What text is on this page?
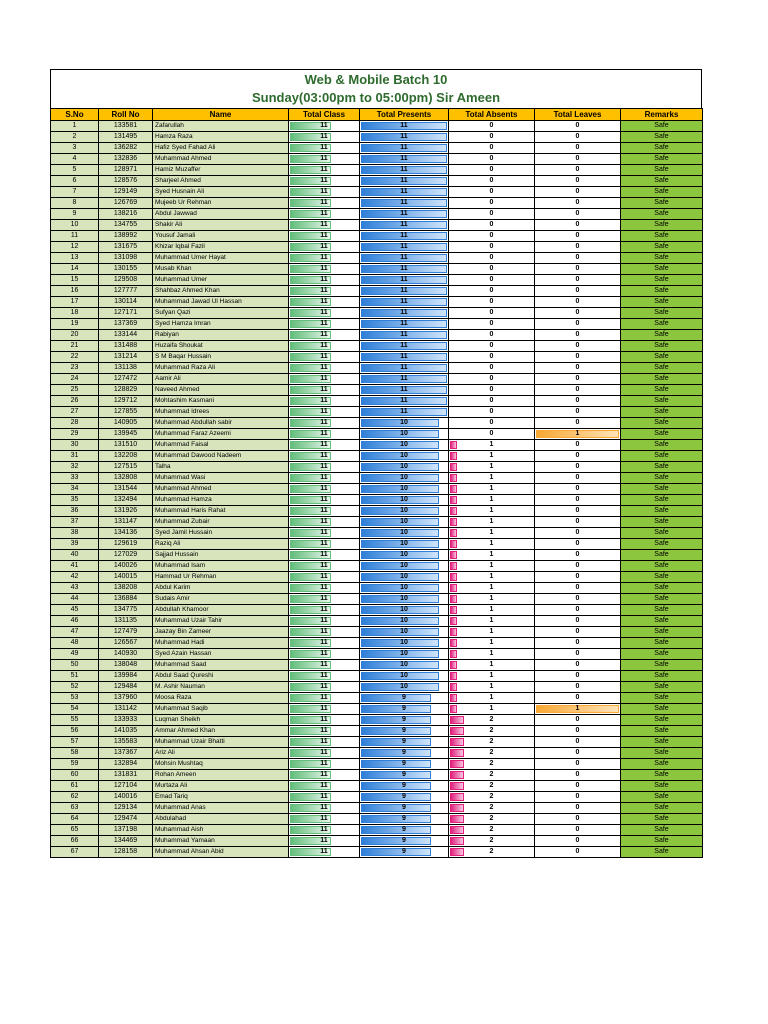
Web & Mobile Batch 10
Sunday(03:00pm to 05:00pm) Sir Ameen
S.No	Roll No	Name	Total Class	Total Presents	Total Absents	Total Leaves	Remarks
1	133581	Zafarullah	11	11	0	0	Safe
2	131495	Hamza Raza	11	11	0	0	Safe
3	136282	Hafiz Syed Fahad Ali	11	11	0	0	Safe
4	132836	Muhammad Ahmed	11	11	0	0	Safe
5	128971	Hamiz Muzaffer	11	11	0	0	Safe
6	128576	Sharjeel Ahmed	11	11	0	0	Safe
7	129149	Syed Husnain Ali	11	11	0	0	Safe
8	126769	Mujeeb Ur Rehman	11	11	0	0	Safe
9	138216	Abdul Jawwad	11	11	0	0	Safe
10	134755	Shakir Ali	11	11	0	0	Safe
11	138992	Yousuf Jamali	11	11	0	0	Safe
12	131675	Khizar Iqbal Fazil	11	11	0	0	Safe
13	131098	Muhammad Umer Hayat	11	11	0	0	Safe
14	130155	Musab Khan	11	11	0	0	Safe
15	129508	Muhammad Umer	11	11	0	0	Safe
16	127777	Shahbaz Ahmed Khan	11	11	0	0	Safe
17	130114	Muhammad Jawad Ul Hassan	11	11	0	0	Safe
18	127171	Sufyan Qazi	11	11	0	0	Safe
19	137369	Syed Hamza Imran	11	11	0	0	Safe
20	133144	Rabiyan	11	11	0	0	Safe
21	131488	Huzaifa Shoukat	11	11	0	0	Safe
22	131214	S M Baqar Hussain	11	11	0	0	Safe
23	131138	Muhammad Raza Ali	11	11	0	0	Safe
24	127472	Aamir Ali	11	11	0	0	Safe
25	128829	Naveed Ahmed	11	11	0	0	Safe
26	129712	Mohtashim Kasmani	11	11	0	0	Safe
27	127855	Muhammad Idrees	11	11	0	0	Safe
28	140905	Muhammad Abdullah sabir	11	10	0	0	Safe
29	139945	Muhammad Faraz Azeemi	11	10	0	1	Safe
30	131510	Muhammad Faisal	11	10	1	0	Safe
31	132208	Muhammad Dawood Nadeem	11	10	1	0	Safe
32	127515	Talha	11	10	1	0	Safe
33	132808	Muhammad Wasi	11	10	1	0	Safe
34	131544	Muhammad Ahmed	11	10	1	0	Safe
35	132494	Muhammad Hamza	11	10	1	0	Safe
36	131926	Muhammad Haris Rahat	11	10	1	0	Safe
37	131147	Muhammad Zubair	11	10	1	0	Safe
38	134136	Syed Jamil Hussain	11	10	1	0	Safe
39	129619	Raziq Ali	11	10	1	0	Safe
40	127029	Sajjad Hussain	11	10	1	0	Safe
41	140026	Muhammad Isam	11	10	1	0	Safe
42	140015	Hammad Ur Rehman	11	10	1	0	Safe
43	138208	Abdul Karim	11	10	1	0	Safe
44	136884	Sudais Amir	11	10	1	0	Safe
45	134775	Abdullah Khamoor	11	10	1	0	Safe
46	131135	Muhammad Uzair Tahir	11	10	1	0	Safe
47	127479	Jaazay Bin Zameer	11	10	1	0	Safe
48	126567	Muhammad Hadi	11	10	1	0	Safe
49	140930	Syed Azain Hassan	11	10	1	0	Safe
50	138048	Muhammad Saad	11	10	1	0	Safe
51	139984	Abdul Saad Qureshi	11	10	1	0	Safe
52	129484	M. Ashir Nauman	11	10	1	0	Safe
53	137960	Moosa Raza	11	9	1	0	Safe
54	131142	Muhammad Saqib	11	9	1	1	Safe
55	133933	Luqman Sheikh	11	9	2	0	Safe
56	141035	Ammar Ahmed Khan	11	9	2	0	Safe
57	135583	Muhammad Uzair Bhatti	11	9	2	0	Safe
58	137367	Ariz Ali	11	9	2	0	Safe
59	132894	Mohsin Mushtaq	11	9	2	0	Safe
60	131831	Rohan Ameen	11	9	2	0	Safe
61	127104	Murtaza Ali	11	9	2	0	Safe
62	140016	Emad Tariq	11	9	2	0	Safe
63	129134	Muhammad Anas	11	9	2	0	Safe
64	129474	Abdulahad	11	9	2	0	Safe
65	137198	Muhammad Aish	11	9	2	0	Safe
66	134469	Muhammad Yamaan	11	9	2	0	Safe
67	128158	Muhammad Ahsan Abid	11	9	2	0	Safe
